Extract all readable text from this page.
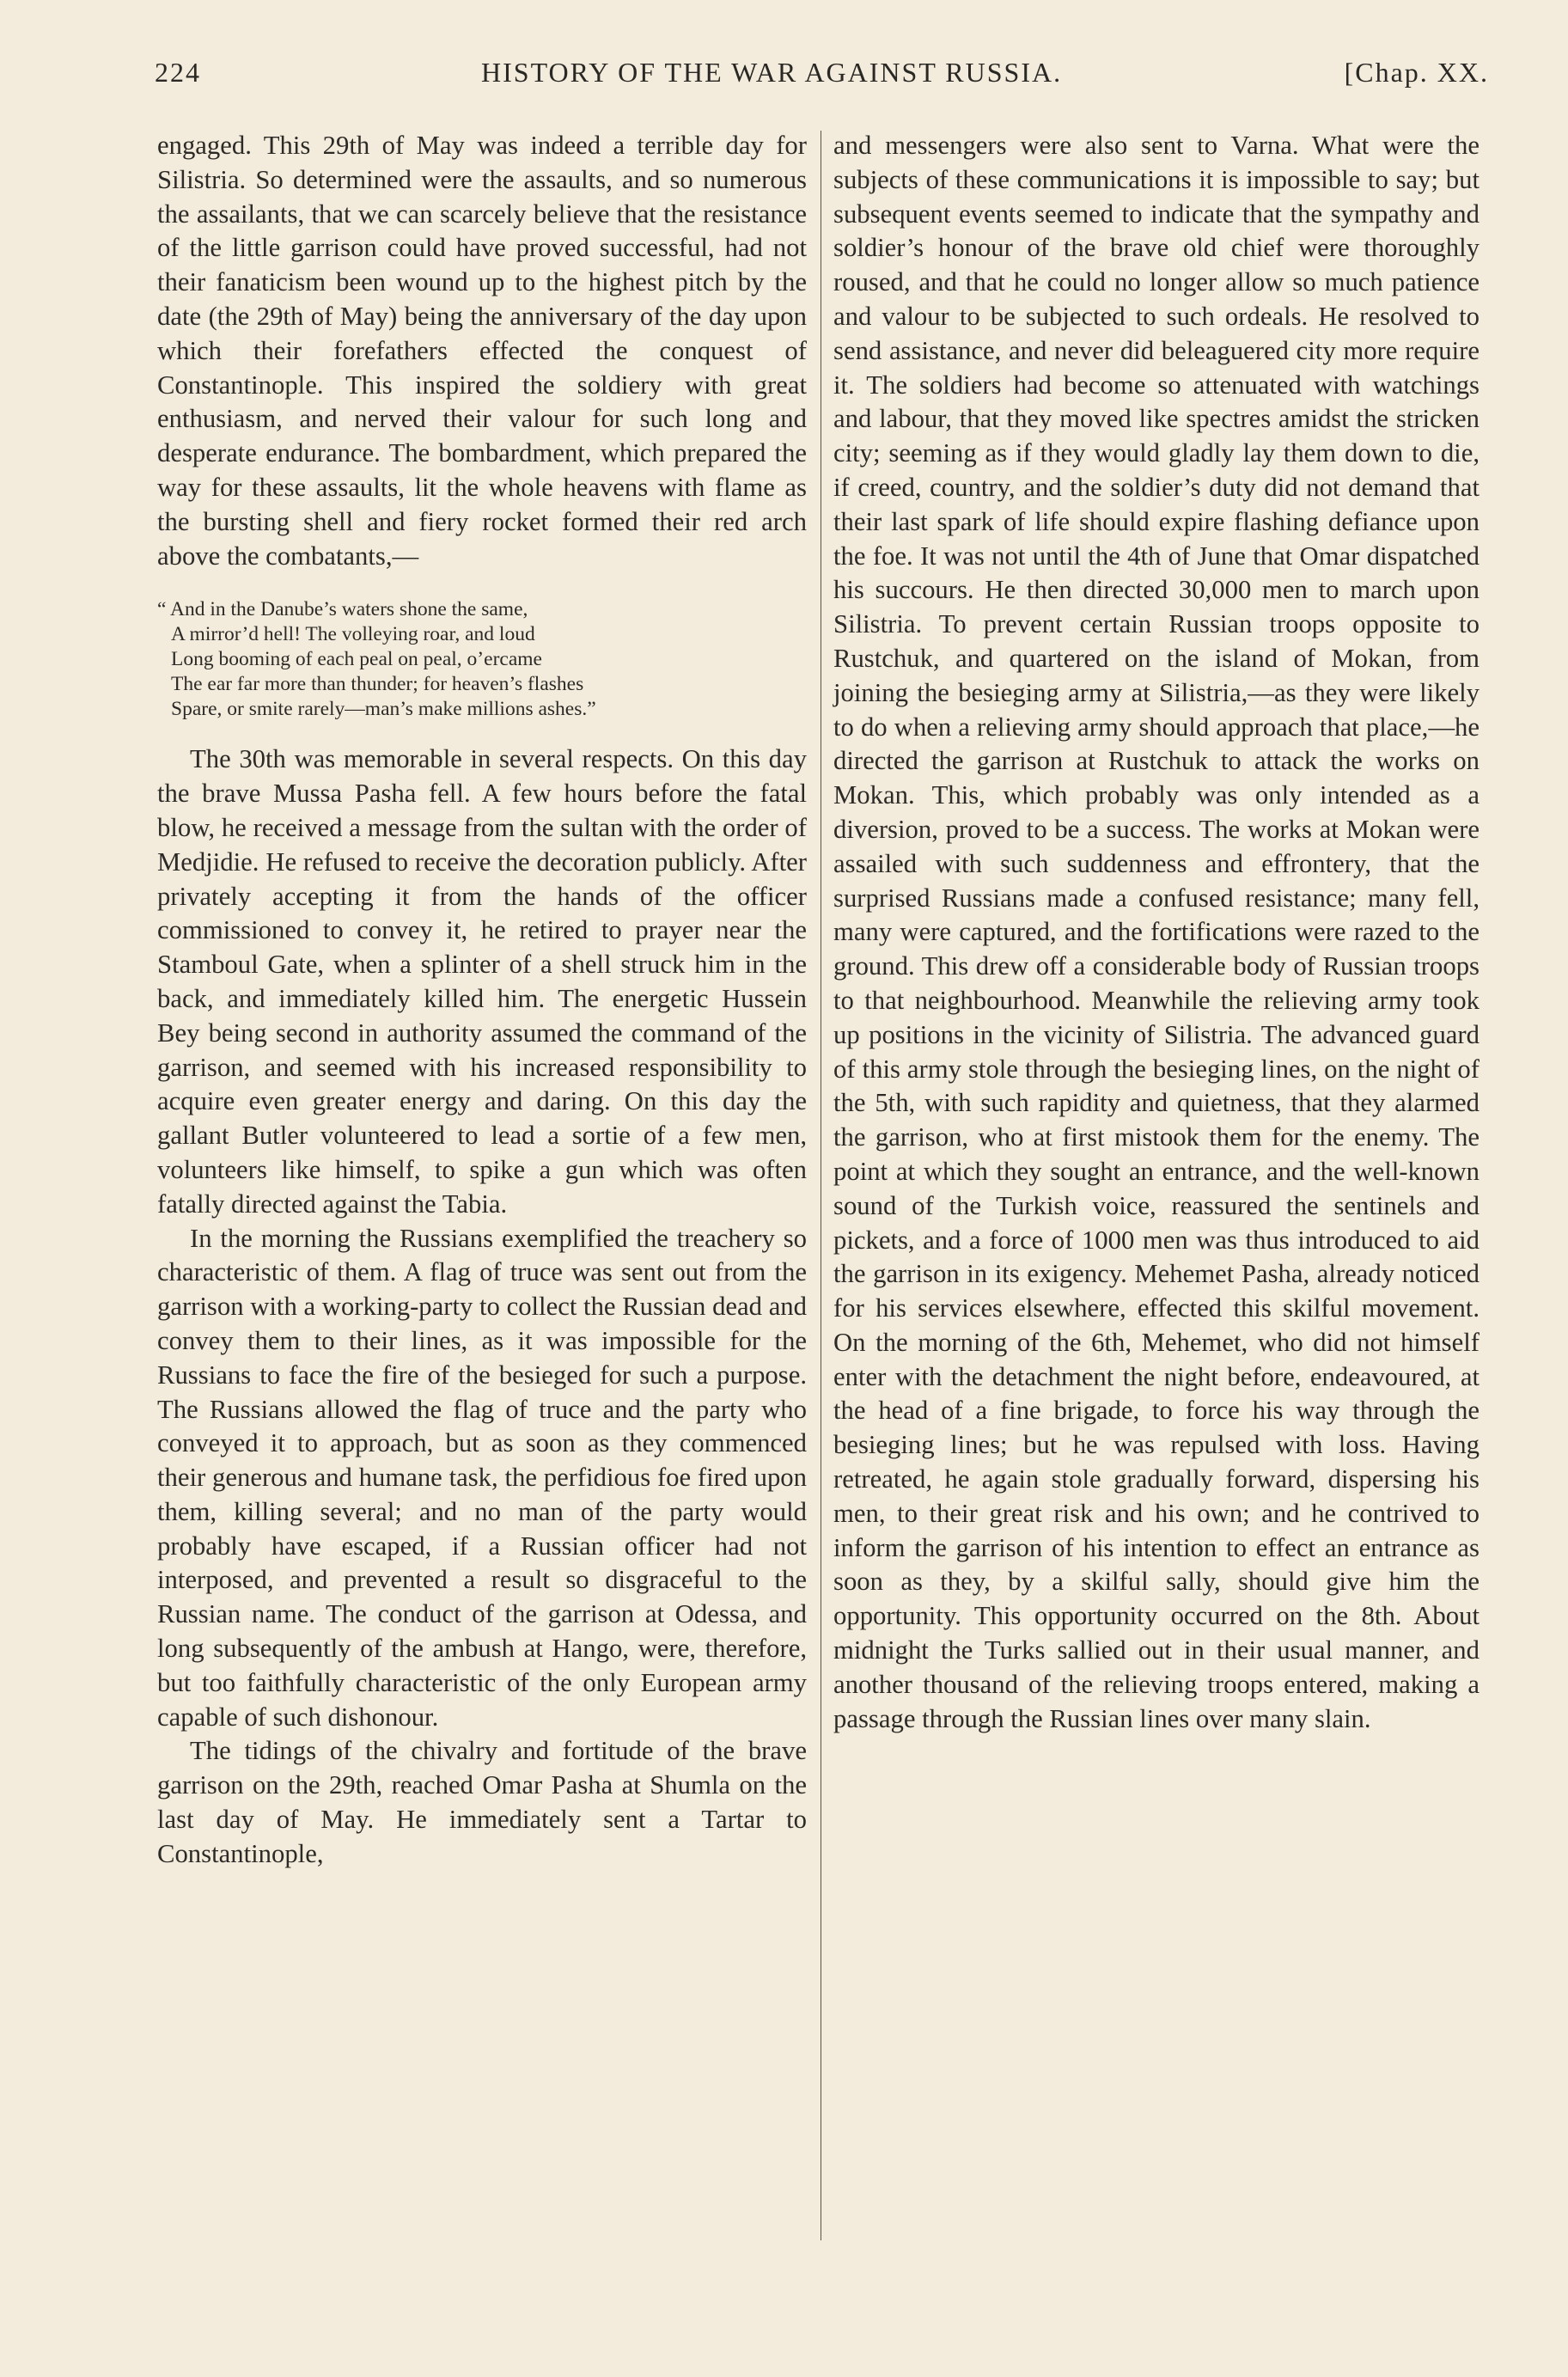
224	HISTORY OF THE WAR AGAINST RUSSIA.	[Chap. XX.

engaged. This 29th of May was indeed a terrible day for Silistria. So determined were the assaults, and so numerous the assailants, that we can scarcely believe that the resistance of the little garrison could have proved successful, had not their fanaticism been wound up to the highest pitch by the date (the 29th of May) being the anniversary of the day upon which their forefathers effected the conquest of Constantinople. This inspired the soldiery with great enthusiasm, and nerved their valour for such long and desperate endurance. The bombardment, which prepared the way for these assaults, lit the whole heavens with flame as the bursting shell and fiery rocket formed their red arch above the combatants,—

“ And in the Danube’s waters shone the same,
A mirror’d hell! The volleying roar, and loud
Long booming of each peal on peal, o’ercame
The ear far more than thunder; for heaven’s flashes
Spare, or smite rarely—man’s make millions ashes.”

The 30th was memorable in several respects. On this day the brave Mussa Pasha fell. A few hours before the fatal blow, he received a message from the sultan with the order of Medjidie. He refused to receive the decoration publicly. After privately accepting it from the hands of the officer commissioned to convey it, he retired to prayer near the Stamboul Gate, when a splinter of a shell struck him in the back, and immediately killed him. The energetic Hussein Bey being second in authority assumed the command of the garrison, and seemed with his increased responsibility to acquire even greater energy and daring. On this day the gallant Butler volunteered to lead a sortie of a few men, volunteers like himself, to spike a gun which was often fatally directed against the Tabia.

In the morning the Russians exemplified the treachery so characteristic of them. A flag of truce was sent out from the garrison with a working-party to collect the Russian dead and convey them to their lines, as it was impossible for the Russians to face the fire of the besieged for such a purpose. The Russians allowed the flag of truce and the party who conveyed it to approach, but as soon as they commenced their generous and humane task, the perfidious foe fired upon them, killing several; and no man of the party would probably have escaped, if a Russian officer had not interposed, and prevented a result so disgraceful to the Russian name. The conduct of the garrison at Odessa, and long subsequently of the ambush at Hango, were, therefore, but too faithfully characteristic of the only European army capable of such dishonour.

The tidings of the chivalry and fortitude of the brave garrison on the 29th, reached Omar Pasha at Shumla on the last day of May. He immediately sent a Tartar to Constantinople,

and messengers were also sent to Varna. What were the subjects of these communications it is impossible to say; but subsequent events seemed to indicate that the sympathy and soldier’s honour of the brave old chief were thoroughly roused, and that he could no longer allow so much patience and valour to be subjected to such ordeals. He resolved to send assistance, and never did beleaguered city more require it. The soldiers had become so attenuated with watchings and labour, that they moved like spectres amidst the stricken city; seeming as if they would gladly lay them down to die, if creed, country, and the soldier’s duty did not demand that their last spark of life should expire flashing defiance upon the foe. It was not until the 4th of June that Omar dispatched his succours. He then directed 30,000 men to march upon Silistria. To prevent certain Russian troops opposite to Rustchuk, and quartered on the island of Mokan, from joining the besieging army at Silistria,—as they were likely to do when a relieving army should approach that place,—he directed the garrison at Rustchuk to attack the works on Mokan. This, which probably was only intended as a diversion, proved to be a success. The works at Mokan were assailed with such suddenness and effrontery, that the surprised Russians made a confused resistance; many fell, many were captured, and the fortifications were razed to the ground. This drew off a considerable body of Russian troops to that neighbourhood. Meanwhile the relieving army took up positions in the vicinity of Silistria. The advanced guard of this army stole through the besieging lines, on the night of the 5th, with such rapidity and quietness, that they alarmed the garrison, who at first mistook them for the enemy. The point at which they sought an entrance, and the well-known sound of the Turkish voice, reassured the sentinels and pickets, and a force of 1000 men was thus introduced to aid the garrison in its exigency. Mehemet Pasha, already noticed for his services elsewhere, effected this skilful movement. On the morning of the 6th, Mehemet, who did not himself enter with the detachment the night before, endeavoured, at the head of a fine brigade, to force his way through the besieging lines; but he was repulsed with loss. Having retreated, he again stole gradually forward, dispersing his men, to their great risk and his own; and he contrived to inform the garrison of his intention to effect an entrance as soon as they, by a skilful sally, should give him the opportunity. This opportunity occurred on the 8th. About midnight the Turks sallied out in their usual manner, and another thousand of the relieving troops entered, making a passage through the Russian lines over many slain.
